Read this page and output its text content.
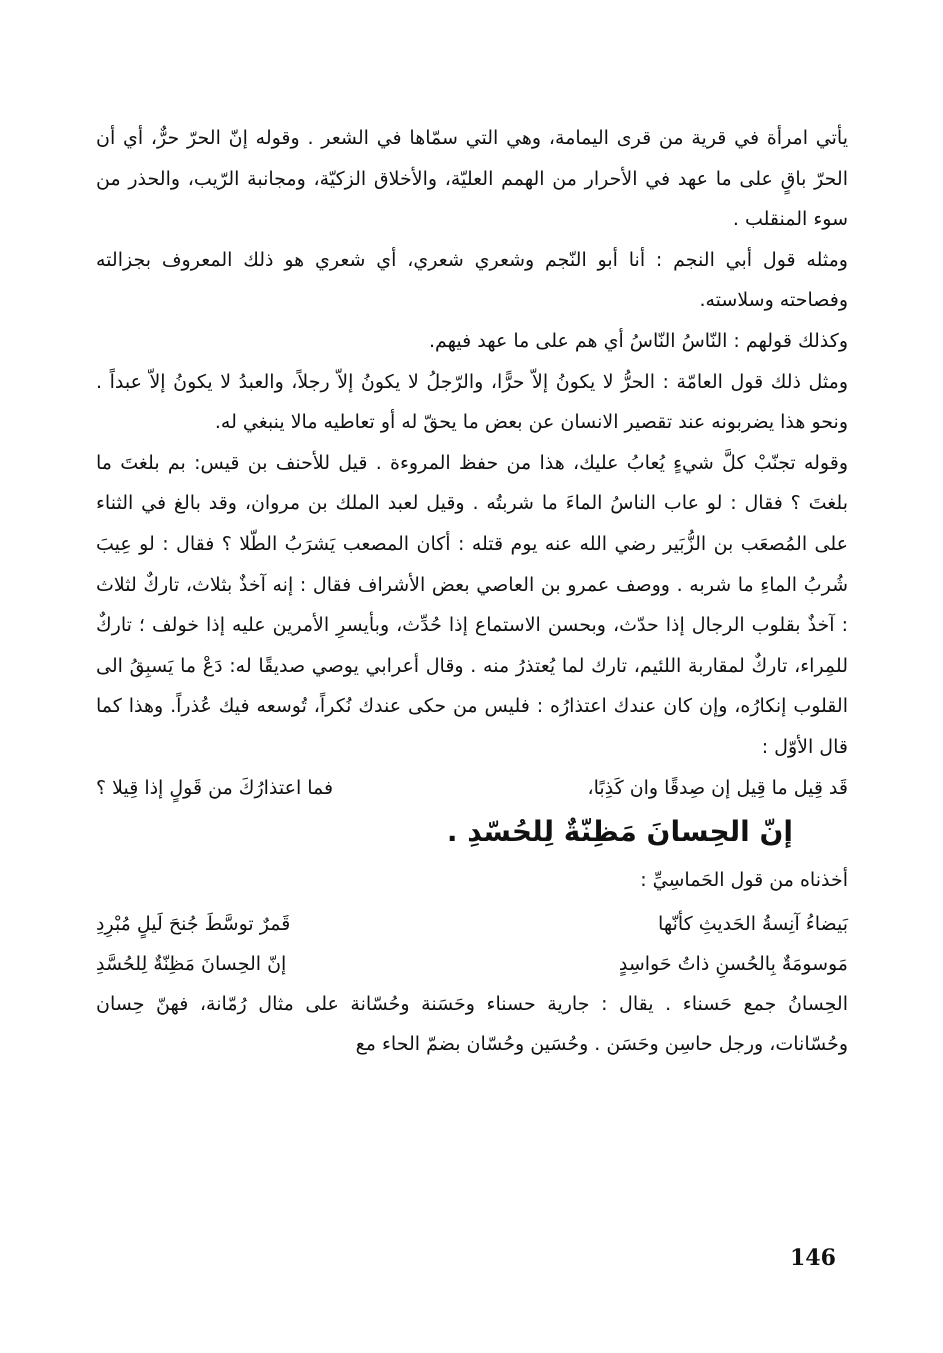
يأتي امرأة في قرية من قرى اليمامة، وهي التي سمّاها في الشعر . وقوله إنّ الحرّ حرٌّ، أي أن الحرّ باقٍ على ما عهد في الأحرار من الهمم العليّة، والأخلاق الزكيّة، ومجانبة الرّيب، والحذر من سوء المنقلب .

ومثله قول أبي النجم : أنا أبو النّجم وشعري شعري، أي شعري هو ذلك المعروف بجزالته وفصاحته وسلاسته.

وكذلك قولهم : النّاسُ النّاسُ أي هم على ما عهد فيهم.

ومثل ذلك قول العامّة : الحرُّ لا يكونُ إلاّ حرًّا، والرّجلُ لا يكونُ إلاّ رجلاً، والعبدُ لا يكونُ إلاّ عبداً . ونحو هذا يضربونه عند تقصير الانسان عن بعض ما يحقّ له أو تعاطيه مالا ينبغي له.

وقوله تجنّبْ كلَّ شيءٍ يُعابُ عليك، هذا من حفظ المروءة . قيل للأحنف بن قيس: بم بلغتَ ما بلغتَ ؟ فقال : لو عاب الناسُ الماءَ ما شربتُه . وقيل لعبد الملك بن مروان، وقد بالغ في الثناء على المُصعَب بن الزُّبَير رضي الله عنه يوم قتله : أكان المصعب يَشرَبُ الطّلا ؟ فقال : لو عِيبَ شُربُ الماءِ ما شربه . ووصف عمرو بن العاصي بعض الأشراف فقال : إنه آخذٌ بثلاث، تاركٌ لثلاث : آخذٌ بقلوب الرجال إذا حدّث، وبحسن الاستماع إذا حُدِّث، وبأيسرِ الأمرين عليه إذا خولف ؛ تاركٌ للمِراء، تاركٌ لمقاربة اللئيم، تارك لما يُعتذرُ منه . وقال أعرابي يوصي صديقًا له: دَعْ ما يَسبِقُ الى القلوب إنكارُه، وإن كان عندك اعتذارُه : فليس من حكى عندك نُكراً، تُوسعه فيك عُذراً. وهذا كما قال الأوّل :

قَد قِيل ما قِيل إن صِدقًا وان كَذِبًا،
فما اعتذارُكَ من قَولٍ إذا قِيلا ؟
إنّ الحِسانَ مَظِنّةٌ لِلحُسّدِ .
أخذناه من قول الحَماسِيِّ :
بَيضاءُ آنِسةُ الحَديثِ كأنّها
قَمرٌ توسَّطَ جُنحَ لَيلٍ مُبْرِدِ
مَوسومَةٌ بِالحُسنِ ذاتُ حَواسِدٍ
إنّ الحِسانَ مَظِنّةٌ لِلحُسَّدِ

الحِسانُ جمع حَسناء . يقال : جارية حسناء وحَسَنة وحُسّانة على مثال رُمّانة، فهنّ حِسان وحُسّانات، ورجل حاسِن وحَسَن . وحُسَين وحُسّان بضمّ الحاء مع

146
